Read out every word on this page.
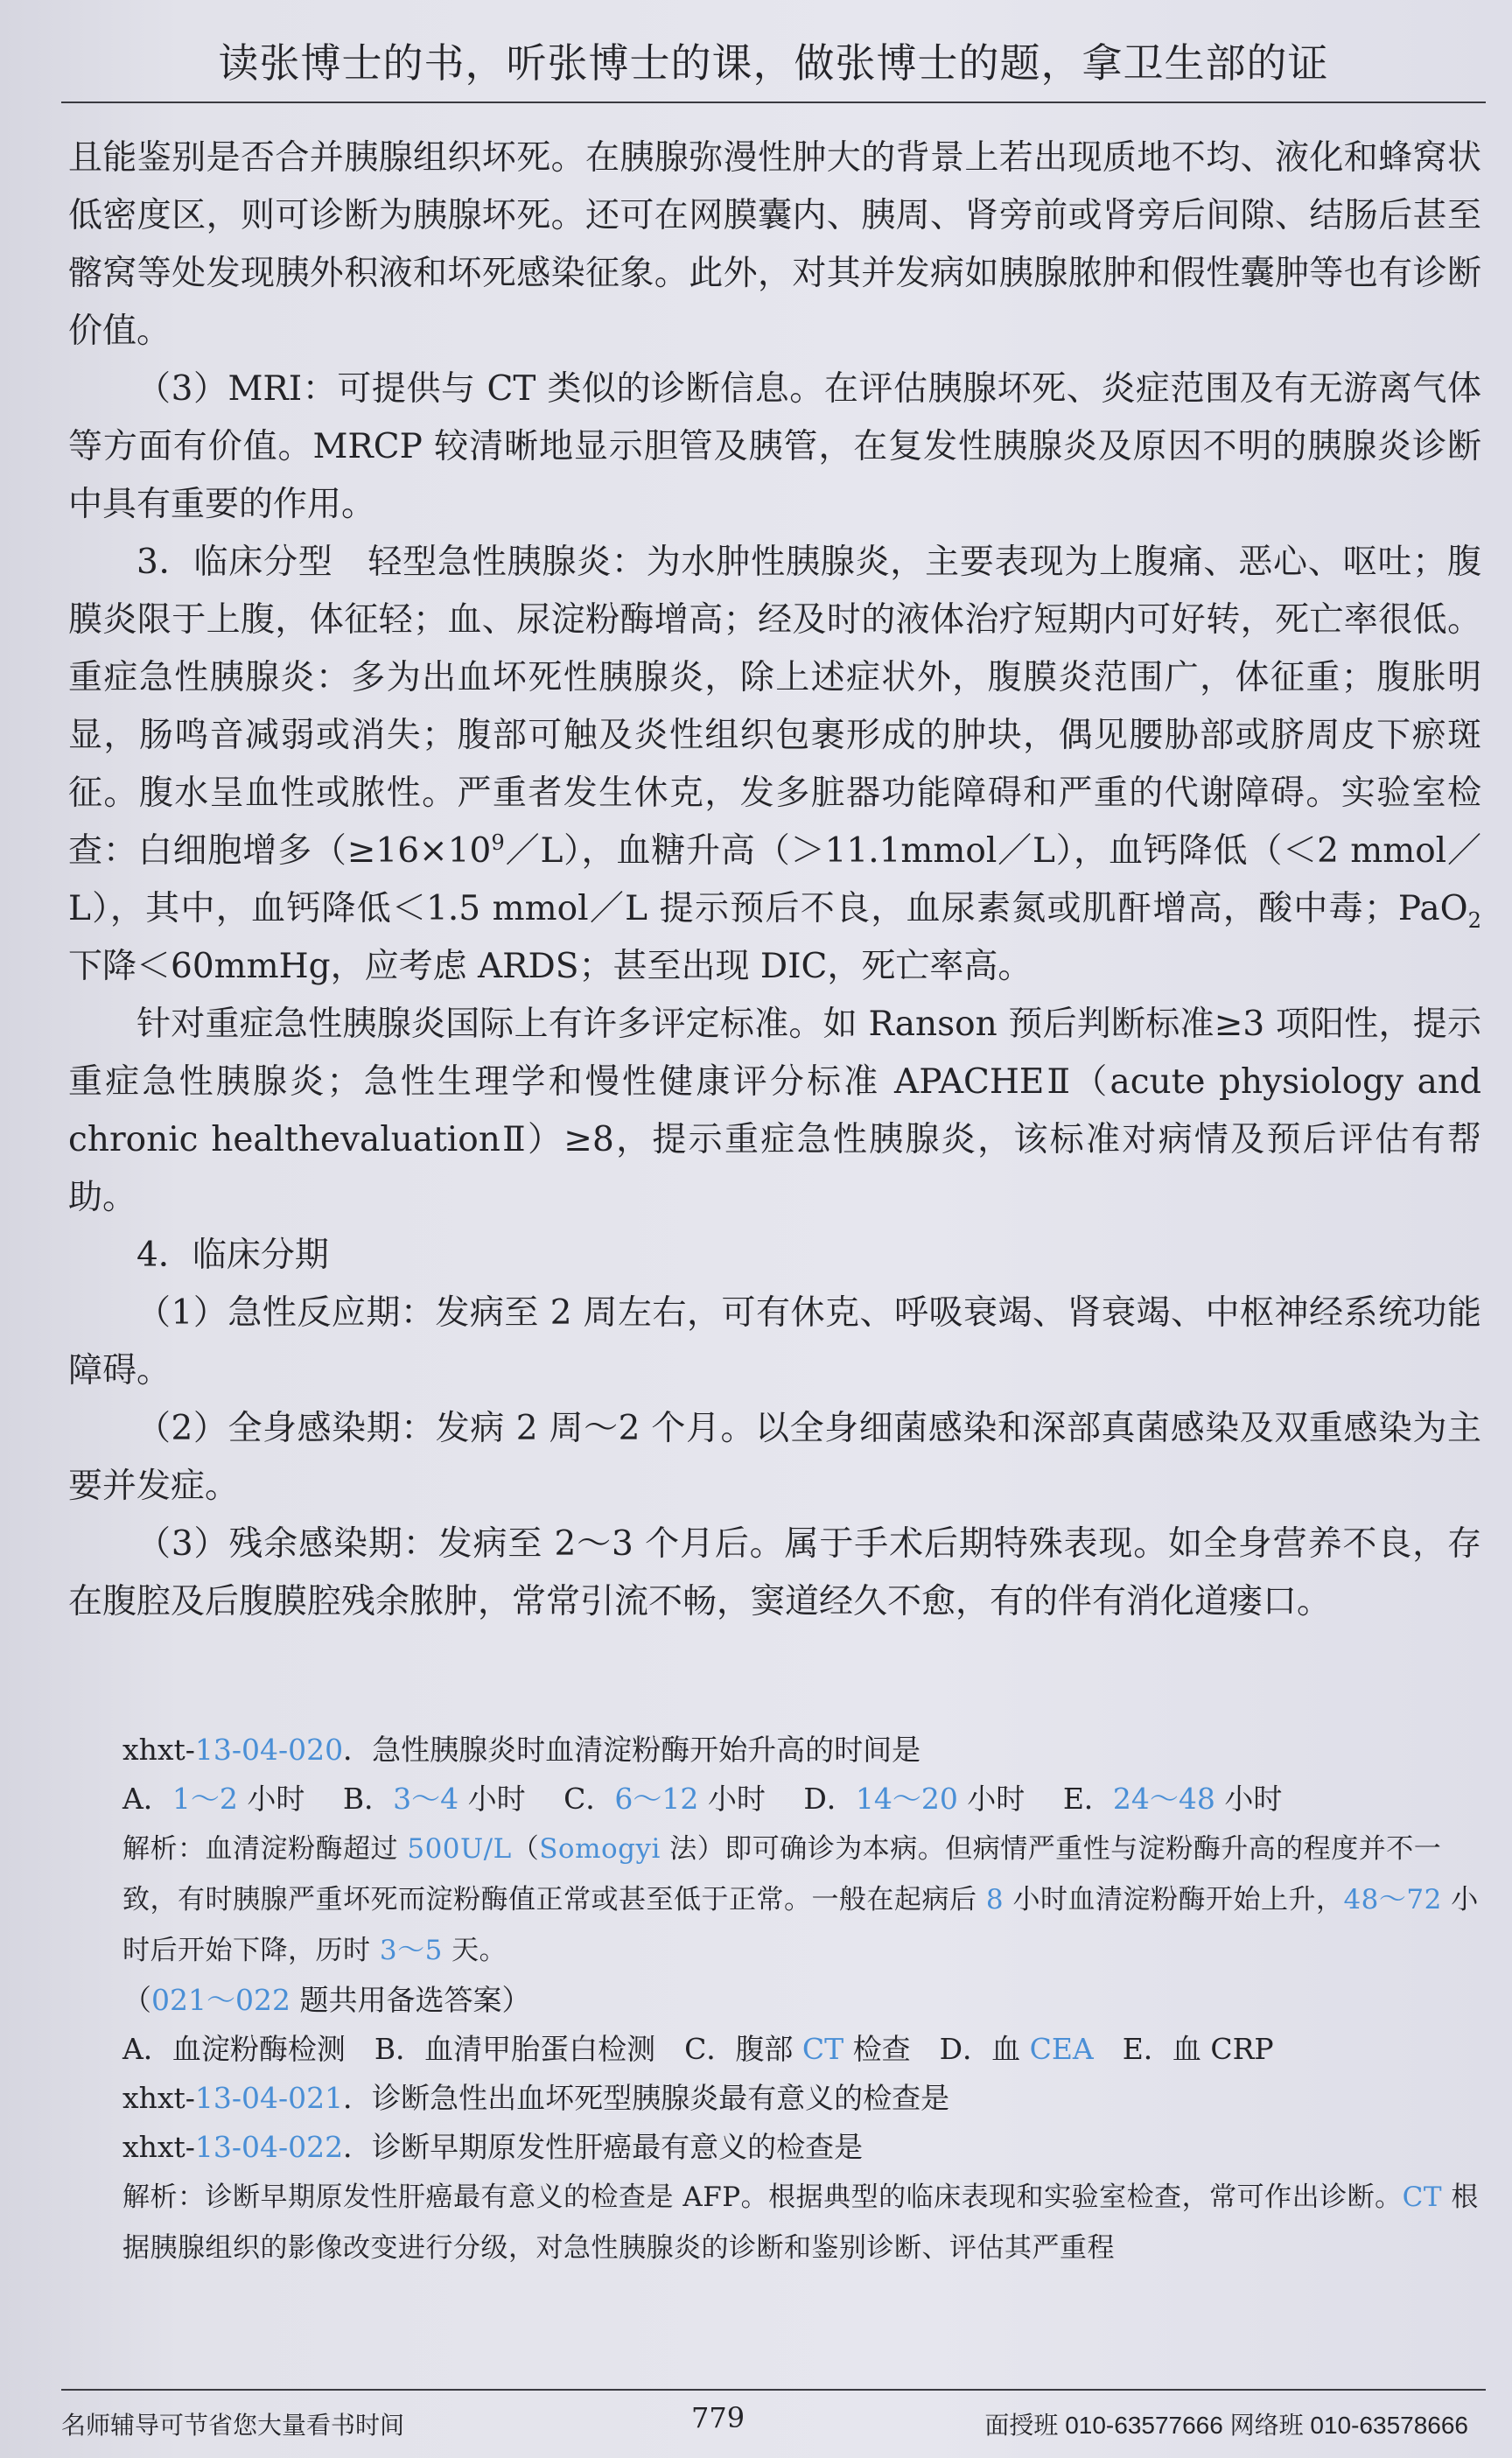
读张博士的书，听张博士的课，做张博士的题，拿卫生部的证

且能鉴别是否合并胰腺组织坏死。在胰腺弥漫性肿大的背景上若出现质地不均、液化和蜂窝状低密度区，则可诊断为胰腺坏死。还可在网膜囊内、胰周、肾旁前或肾旁后间隙、结肠后甚至髂窝等处发现胰外积液和坏死感染征象。此外，对其并发病如胰腺脓肿和假性囊肿等也有诊断价值。

（3）MRI：可提供与 CT 类似的诊断信息。在评估胰腺坏死、炎症范围及有无游离气体等方面有价值。MRCP 较清晰地显示胆管及胰管，在复发性胰腺炎及原因不明的胰腺炎诊断中具有重要的作用。

3．临床分型　轻型急性胰腺炎：为水肿性胰腺炎，主要表现为上腹痛、恶心、呕吐；腹膜炎限于上腹，体征轻；血、尿淀粉酶增高；经及时的液体治疗短期内可好转，死亡率很低。重症急性胰腺炎：多为出血坏死性胰腺炎，除上述症状外，腹膜炎范围广，体征重；腹胀明显，肠鸣音减弱或消失；腹部可触及炎性组织包裹形成的肿块，偶见腰胁部或脐周皮下瘀斑征。腹水呈血性或脓性。严重者发生休克，发多脏器功能障碍和严重的代谢障碍。实验室检查：白细胞增多$(\ge 16\times 10^9/L)$，血糖升高（＞11.1mmol／L），血钙降低（＜2 mmol／L），其中，血钙降低＜1.5 mmol／L 提示预后不良，血尿素氮或肌酐增高，酸中毒；PaO$_2$ 下降＜60mmHg，应考虑 ARDS；甚至出现 DIC，死亡率高。

针对重症急性胰腺炎国际上有许多评定标准。如 Ranson 预后判断标准≥3 项阳性，提示重症急性胰腺炎；急性生理学和慢性健康评分标准 APACHEⅡ（acute physiology and chronic healthevaluationⅡ）≥8，提示重症急性胰腺炎，该标准对病情及预后评估有帮助。

4．临床分期

（1）急性反应期：发病至 2 周左右，可有休克、呼吸衰竭、肾衰竭、中枢神经系统功能障碍。

（2）全身感染期：发病 2 周～2 个月。以全身细菌感染和深部真菌感染及双重感染为主要并发症。

（3）残余感染期：发病至 2～3 个月后。属于手术后期特殊表现。如全身营养不良，存在腹腔及后腹膜腔残余脓肿，常常引流不畅，窦道经久不愈，有的伴有消化道瘘口。

xhxt-13-04-020．急性胰腺炎时血清淀粉酶开始升高的时间是

A．1～2 小时　 B．3～4 小时　 C．6～12 小时　 D．14～20 小时　 E．24～48 小时

解析：血清淀粉酶超过 500U/L（Somogyi 法）即可确诊为本病。但病情严重性与淀粉酶升高的程度并不一致，有时胰腺严重坏死而淀粉酶值正常或甚至低于正常。一般在起病后 8 小时血清淀粉酶开始上升，48～72 小时后开始下降，历时 3～5 天。

（021～022 题共用备选答案）

A．血淀粉酶检测　B．血清甲胎蛋白检测　C．腹部 CT 检查　D．血 CEA　E．血 CRP

xhxt-13-04-021．诊断急性出血坏死型胰腺炎最有意义的检查是

xhxt-13-04-022．诊断早期原发性肝癌最有意义的检查是

解析：诊断早期原发性肝癌最有意义的检查是 AFP。根据典型的临床表现和实验室检查，常可作出诊断。CT 根据胰腺组织的影像改变进行分级，对急性胰腺炎的诊断和鉴别诊断、评估其严重程

名师辅导可节省您大量看书时间	779	面授班 010-63577666 网络班 010-63578666
